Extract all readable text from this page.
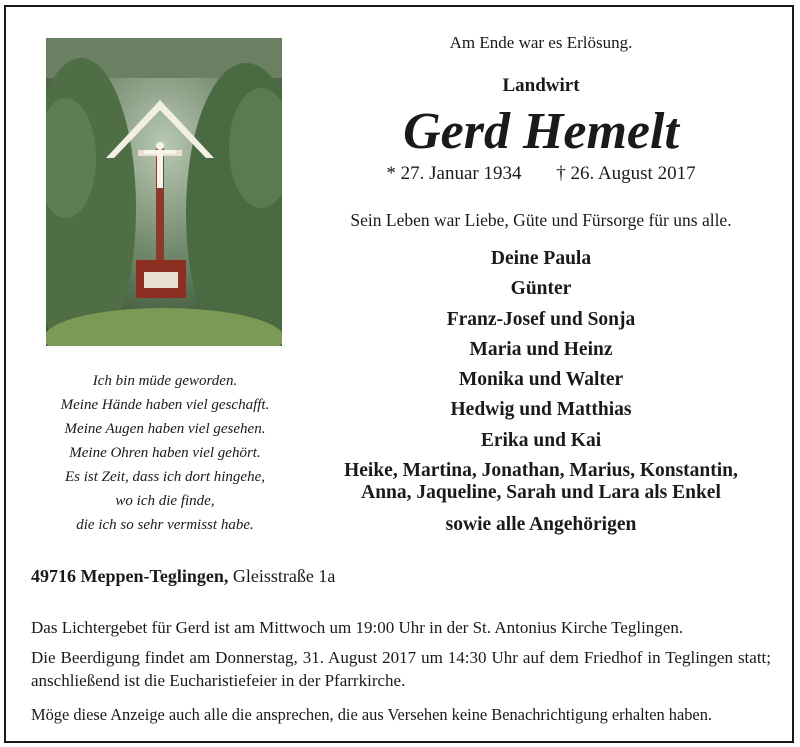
Ich bin müde geworden.
Meine Hände haben viel geschafft.
Meine Augen haben viel gesehen.
Meine Ohren haben viel gehört.
Es ist Zeit, dass ich dort hingehe,
wo ich die finde,
die ich so sehr vermisst habe.
Am Ende war es Erlösung.
Landwirt
Gerd Hemelt
* 27. Januar 1934 † 26. August 2017
Sein Leben war Liebe, Güte und Fürsorge für uns alle.
Deine Paula
Günter
Franz-Josef und Sonja
Maria und Heinz
Monika und Walter
Hedwig und Matthias
Erika und Kai
Heike, Martina, Jonathan, Marius, Konstantin,
Anna, Jaqueline, Sarah und Lara als Enkel
sowie alle Angehörigen
49716 Meppen-Teglingen, Gleisstraße 1a
Das Lichtergebet für Gerd ist am Mittwoch um 19:00 Uhr in der St. Antonius Kirche Teglingen.
Die Beerdigung findet am Donnerstag, 31. August 2017 um 14:30 Uhr auf dem Friedhof in Teglingen statt; anschließend ist die Eucharistiefeier in der Pfarrkirche.
Möge diese Anzeige auch alle die ansprechen, die aus Versehen keine Benachrichtigung erhalten haben.
